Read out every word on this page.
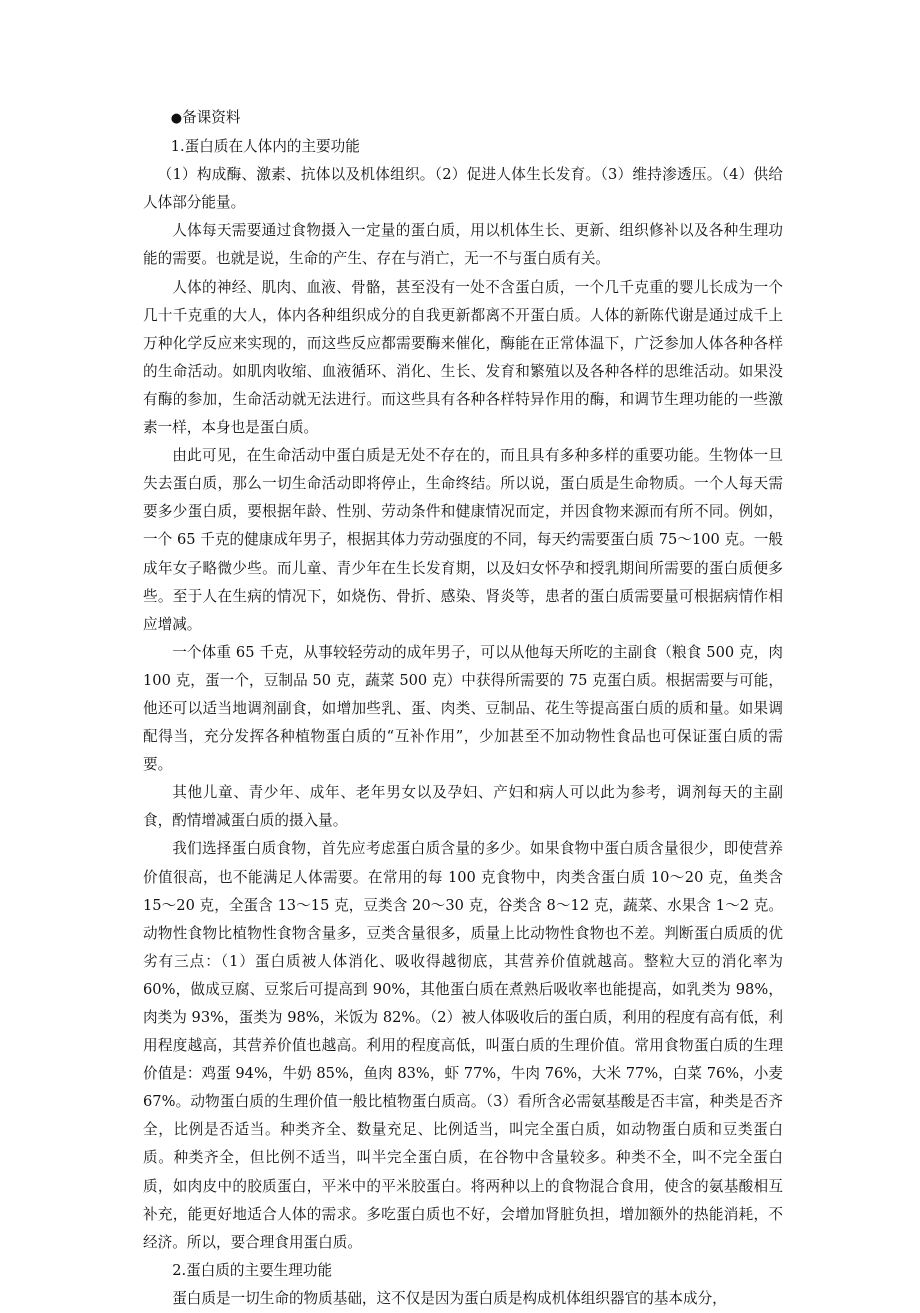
●备课资料

1.蛋白质在人体内的主要功能

（1）构成酶、激素、抗体以及机体组织。（2）促进人体生长发育。（3）维持渗透压。（4）供给人体部分能量。

人体每天需要通过食物摄入一定量的蛋白质，用以机体生长、更新、组织修补以及各种生理功能的需要。也就是说，生命的产生、存在与消亡，无一不与蛋白质有关。

人体的神经、肌肉、血液、骨骼，甚至没有一处不含蛋白质，一个几千克重的婴儿长成为一个几十千克重的大人，体内各种组织成分的自我更新都离不开蛋白质。人体的新陈代谢是通过成千上万种化学反应来实现的，而这些反应都需要酶来催化，酶能在正常体温下，广泛参加人体各种各样的生命活动。如肌肉收缩、血液循环、消化、生长、发育和繁殖以及各种各样的思维活动。如果没有酶的参加，生命活动就无法进行。而这些具有各种各样特异作用的酶，和调节生理功能的一些激素一样，本身也是蛋白质。

由此可见，在生命活动中蛋白质是无处不存在的，而且具有多种多样的重要功能。生物体一旦失去蛋白质，那么一切生命活动即将停止，生命终结。所以说，蛋白质是生命物质。一个人每天需要多少蛋白质，要根据年龄、性别、劳动条件和健康情况而定，并因食物来源而有所不同。例如，一个 65 千克的健康成年男子，根据其体力劳动强度的不同，每天约需要蛋白质 75～100 克。一般成年女子略微少些。而儿童、青少年在生长发育期，以及妇女怀孕和授乳期间所需要的蛋白质便多些。至于人在生病的情况下，如烧伤、骨折、感染、肾炎等，患者的蛋白质需要量可根据病情作相应增减。

一个体重 65 千克，从事较轻劳动的成年男子，可以从他每天所吃的主副食（粮食 500 克，肉 100 克，蛋一个，豆制品 50 克，蔬菜 500 克）中获得所需要的 75 克蛋白质。根据需要与可能，他还可以适当地调剂副食，如增加些乳、蛋、肉类、豆制品、花生等提高蛋白质的质和量。如果调配得当，充分发挥各种植物蛋白质的“互补作用”，少加甚至不加动物性食品也可保证蛋白质的需要。

其他儿童、青少年、成年、老年男女以及孕妇、产妇和病人可以此为参考，调剂每天的主副食，酌情增减蛋白质的摄入量。

我们选择蛋白质食物，首先应考虑蛋白质含量的多少。如果食物中蛋白质含量很少，即使营养价值很高，也不能满足人体需要。在常用的每 100 克食物中，肉类含蛋白质 10～20 克，鱼类含 15～20 克，全蛋含 13～15 克，豆类含 20～30 克，谷类含 8～12 克，蔬菜、水果含 1～2 克。动物性食物比植物性食物含量多，豆类含量很多，质量上比动物性食物也不差。判断蛋白质质的优劣有三点：（1）蛋白质被人体消化、吸收得越彻底，其营养价值就越高。整粒大豆的消化率为 60%，做成豆腐、豆浆后可提高到 90%，其他蛋白质在煮熟后吸收率也能提高，如乳类为 98%，肉类为 93%，蛋类为 98%，米饭为 82%。（2）被人体吸收后的蛋白质，利用的程度有高有低，利用程度越高，其营养价值也越高。利用的程度高低，叫蛋白质的生理价值。常用食物蛋白质的生理价值是：鸡蛋 94%，牛奶 85%，鱼肉 83%，虾 77%，牛肉 76%，大米 77%，白菜 76%，小麦 67%。动物蛋白质的生理价值一般比植物蛋白质高。（3）看所含必需氨基酸是否丰富，种类是否齐全，比例是否适当。种类齐全、数量充足、比例适当，叫完全蛋白质，如动物蛋白质和豆类蛋白质。种类齐全，但比例不适当，叫半完全蛋白质，在谷物中含量较多。种类不全，叫不完全蛋白质，如肉皮中的胶质蛋白，平米中的平米胶蛋白。将两种以上的食物混合食用，使含的氨基酸相互补充，能更好地适合人体的需求。多吃蛋白质也不好，会增加肾脏负担，增加额外的热能消耗，不经济。所以，要合理食用蛋白质。

2.蛋白质的主要生理功能

蛋白质是一切生命的物质基础，这不仅是因为蛋白质是构成机体组织器官的基本成分，
